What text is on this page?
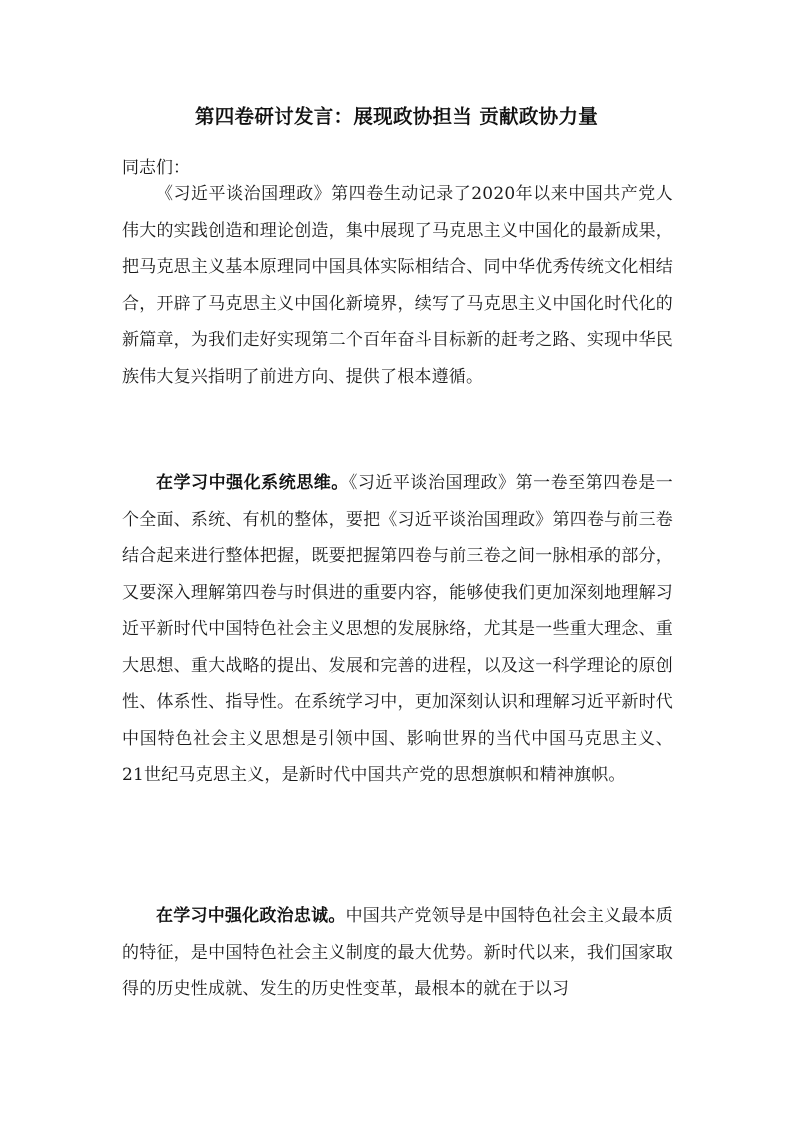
第四卷研讨发言：展现政协担当 贡献政协力量
同志们：

《习近平谈治国理政》第四卷生动记录了2020年以来中国共产党人伟大的实践创造和理论创造，集中展现了马克思主义中国化的最新成果，把马克思主义基本原理同中国具体实际相结合、同中华优秀传统文化相结合，开辟了马克思主义中国化新境界，续写了马克思主义中国化时代化的新篇章，为我们走好实现第二个百年奋斗目标新的赶考之路、实现中华民族伟大复兴指明了前进方向、提供了根本遵循。

在学习中强化系统思维。《习近平谈治国理政》第一卷至第四卷是一个全面、系统、有机的整体，要把《习近平谈治国理政》第四卷与前三卷结合起来进行整体把握，既要把握第四卷与前三卷之间一脉相承的部分，又要深入理解第四卷与时俱进的重要内容，能够使我们更加深刻地理解习近平新时代中国特色社会主义思想的发展脉络，尤其是一些重大理念、重大思想、重大战略的提出、发展和完善的进程，以及这一科学理论的原创性、体系性、指导性。在系统学习中，更加深刻认识和理解习近平新时代中国特色社会主义思想是引领中国、影响世界的当代中国马克思主义、21世纪马克思主义，是新时代中国共产党的思想旗帜和精神旗帜。

在学习中强化政治忠诚。中国共产党领导是中国特色社会主义最本质的特征，是中国特色社会主义制度的最大优势。新时代以来，我们国家取得的历史性成就、发生的历史性变革，最根本的就在于以习
